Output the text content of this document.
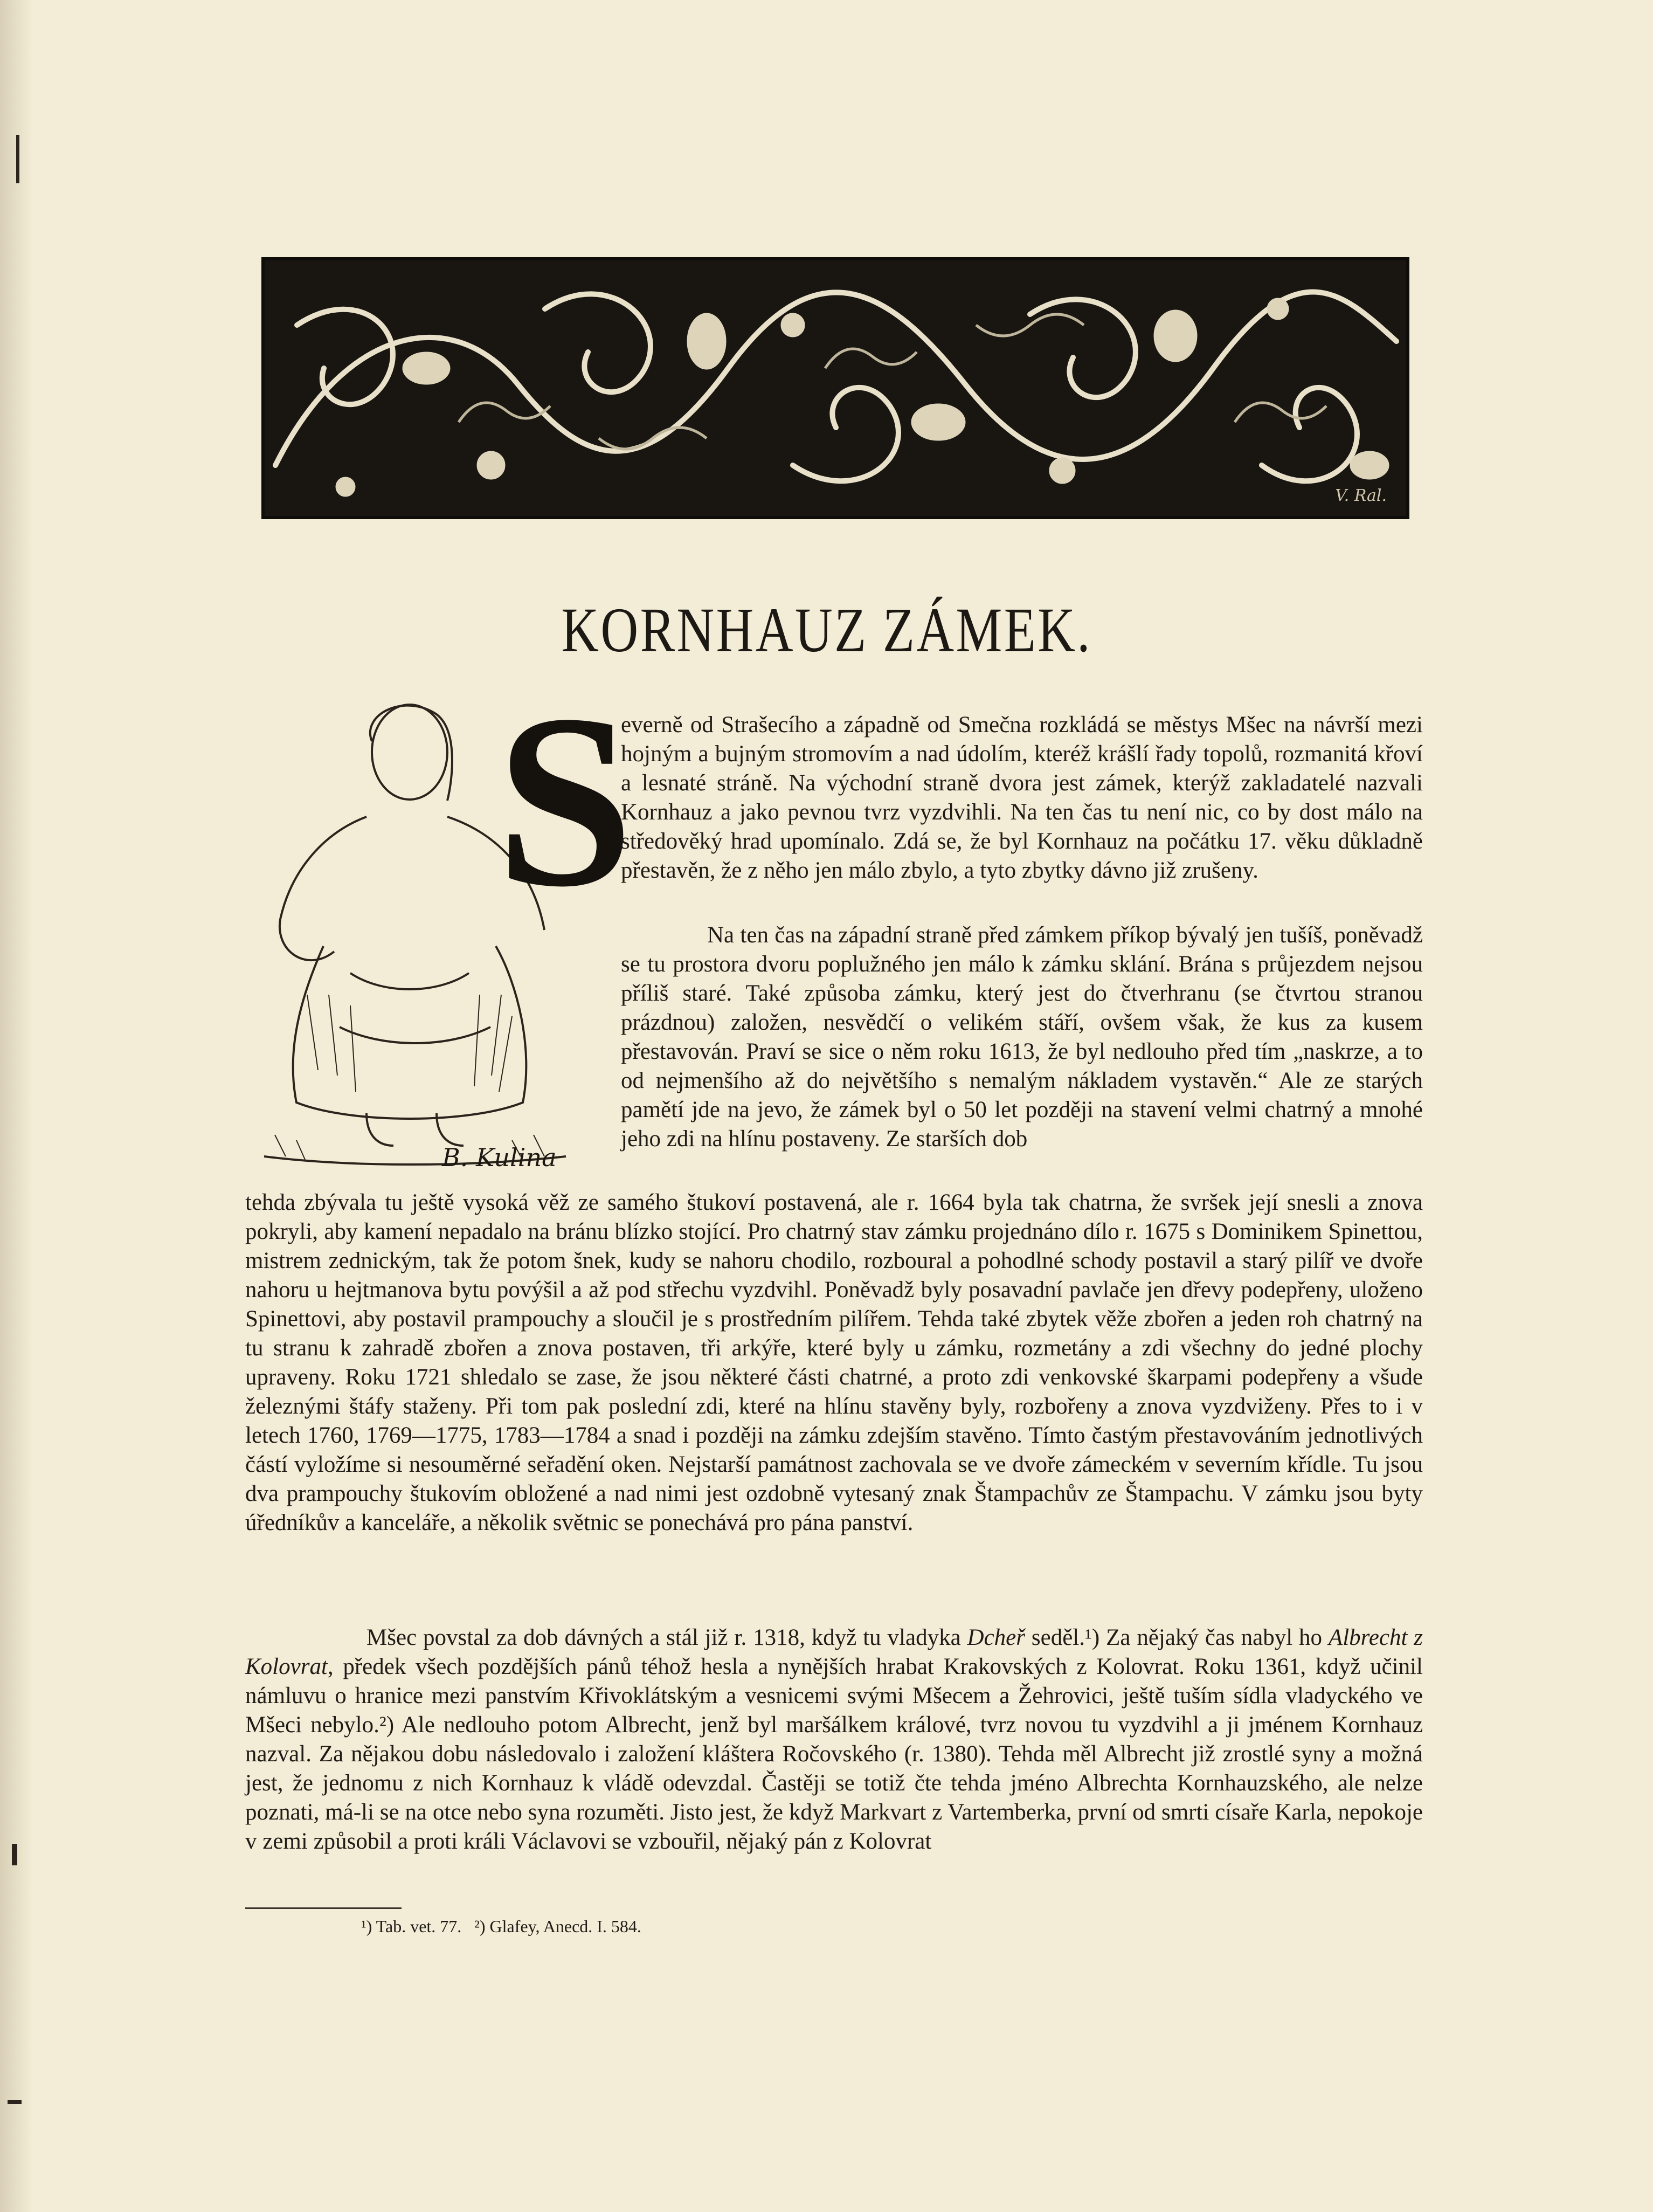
V. Ral.
KORNHAUZ ZÁMEK.
S
B. Kulina

everně od Strašecího a západně od Smečna rozkládá se městys Mšec na návrší mezi hojným a bujným stromovím a nad údolím, kteréž krášlí řady topolů, rozmanitá křoví a lesnaté stráně. Na východní straně dvora jest zámek, kterýž zakladatelé nazvali Kornhauz a jako pevnou tvrz vyzdvihli. Na ten čas tu není nic, co by dost málo na středověký hrad upomínalo. Zdá se, že byl Kornhauz na počátku 17. věku důkladně přestavěn, že z něho jen málo zbylo, a tyto zbytky dávno již zrušeny.

Na ten čas na západní straně před zámkem příkop bývalý jen tušíš, poněvadž se tu prostora dvoru poplužného jen málo k zámku sklání. Brána s průjezdem nejsou příliš staré. Také způsoba zámku, který jest do čtverhranu (se čtvrtou stranou prázdnou) založen, nesvědčí o velikém stáří, ovšem však, že kus za kusem přestavován. Praví se sice o něm roku 1613, že byl nedlouho před tím „naskrze, a to od nejmenšího až do největšího s nemalým nákladem vystavěn.“ Ale ze starých pamětí jde na jevo, že zámek byl o 50 let později na stavení velmi chatrný a mnohé jeho zdi na hlínu postaveny. Ze starších dob

tehda zbývala tu ještě vysoká věž ze samého štukoví postavená, ale r. 1664 byla tak chatrna, že svršek její snesli a znova pokryli, aby kamení nepadalo na bránu blízko stojící. Pro chatrný stav zámku projednáno dílo r. 1675 s Dominikem Spinettou, mistrem zednickým, tak že potom šnek, kudy se nahoru chodilo, rozboural a pohodlné schody postavil a starý pilíř ve dvoře nahoru u hejtmanova bytu povýšil a až pod střechu vyzdvihl. Poněvadž byly posavadní pavlače jen dřevy podepřeny, uloženo Spinettovi, aby postavil prampouchy a sloučil je s prostředním pilířem. Tehda také zbytek věže zbořen a jeden roh chatrný na tu stranu k zahradě zbořen a znova postaven, tři arkýře, které byly u zámku, rozmetány a zdi všechny do jedné plochy upraveny. Roku 1721 shledalo se zase, že jsou některé části chatrné, a proto zdi venkovské škarpami podepřeny a všude železnými štáfy staženy. Při tom pak poslední zdi, které na hlínu stavěny byly, rozbořeny a znova vyzdviženy. Přes to i v letech 1760, 1769—1775, 1783—1784 a snad i později na zámku zdejším stavěno. Tímto častým přestavováním jednotlivých částí vyložíme si nesouměrné seřadění oken. Nejstarší památnost zachovala se ve dvoře zámeckém v severním křídle. Tu jsou dva prampouchy štukovím obložené a nad nimi jest ozdobně vytesaný znak Štampachův ze Štampachu. V zámku jsou byty úředníkův a kanceláře, a několik světnic se ponechává pro pána panství.

Mšec povstal za dob dávných a stál již r. 1318, když tu vladyka Dcheř seděl.¹) Za nějaký čas nabyl ho Albrecht z Kolovrat, předek všech pozdějších pánů téhož hesla a nynějších hrabat Krakovských z Kolovrat. Roku 1361, když učinil námluvu o hranice mezi panstvím Křivoklátským a vesnicemi svými Mšecem a Žehrovici, ještě tuším sídla vladyckého ve Mšeci nebylo.²) Ale nedlouho potom Albrecht, jenž byl maršálkem králové, tvrz novou tu vyzdvihl a ji jménem Kornhauz nazval. Za nějakou dobu následovalo i založení kláštera Ročovského (r. 1380). Tehda měl Albrecht již zrostlé syny a možná jest, že jednomu z nich Kornhauz k vládě odevzdal. Častěji se totiž čte tehda jméno Albrechta Kornhauzského, ale nelze poznati, má-li se na otce nebo syna rozuměti. Jisto jest, že když Markvart z Vartemberka, první od smrti císaře Karla, nepokoje v zemi způsobil a proti králi Václavovi se vzbouřil, nějaký pán z Kolovrat

¹) Tab. vet. 77.   ²) Glafey, Anecd. I. 584.
